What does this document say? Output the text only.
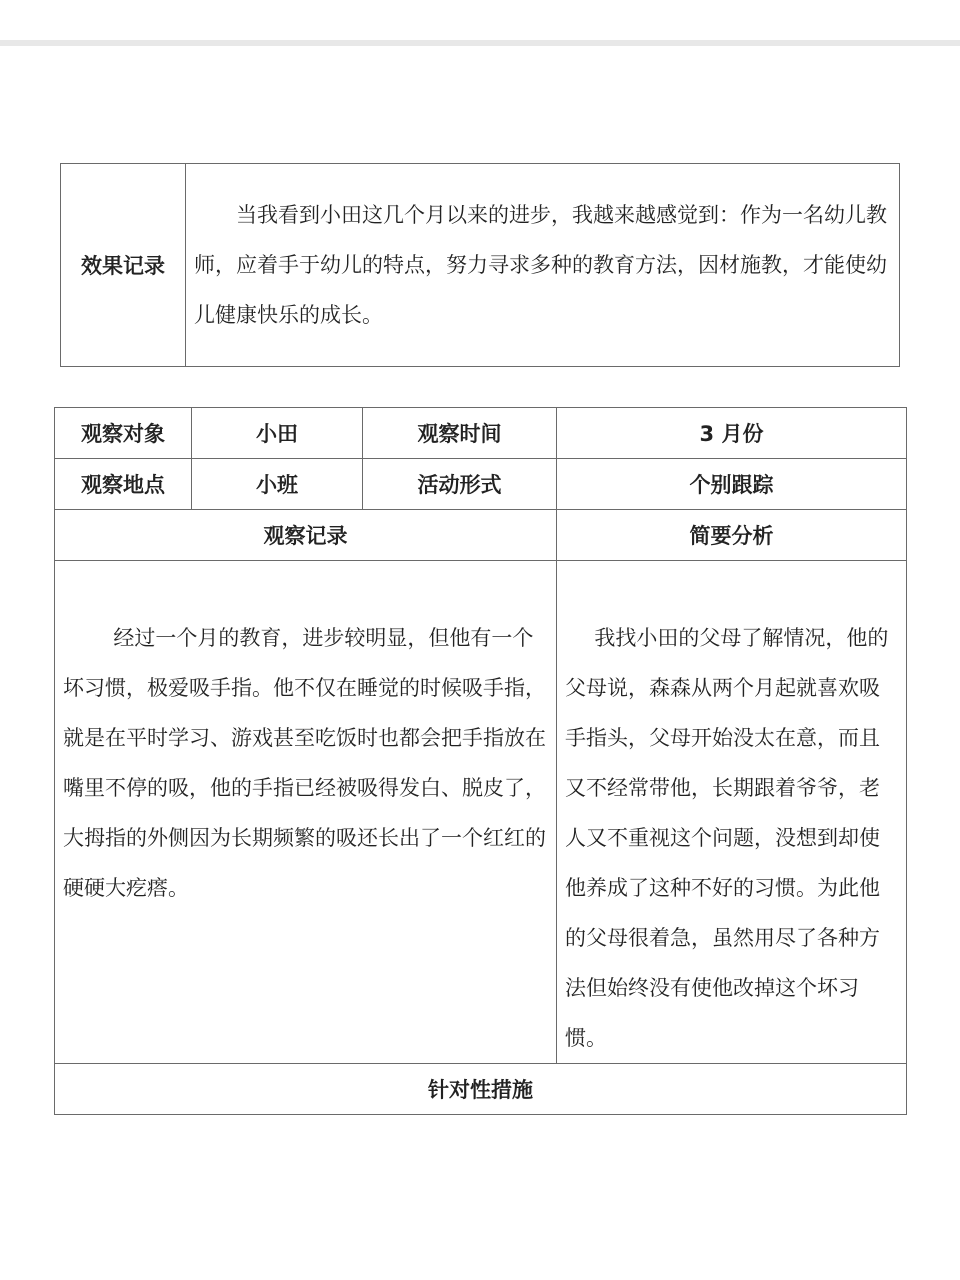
效果记录	当我看到小田这几个月以来的进步，我越来越感觉到：作为一名幼儿教师，应着手于幼儿的特点，努力寻求多种的教育方法，因材施教，才能使幼儿健康快乐的成长。
观察对象	小田	观察时间	3 月份
观察地点	小班	活动形式	个别跟踪
观察记录			简要分析

经过一个月的教育，进步较明显，但他有一个坏习惯，极爱吸手指。他不仅在睡觉的时候吸手指，就是在平时学习、游戏甚至吃饭时也都会把手指放在嘴里不停的吸，他的手指已经被吸得发白、脱皮了，大拇指的外侧因为长期频繁的吸还长出了一个红红的硬硬大疙瘩。			我找小田的父母了解情况，他的父母说，森森从两个月起就喜欢吸手指头，父母开始没太在意，而且又不经常带他，长期跟着爷爷，老人又不重视这个问题，没想到却使他养成了这种不好的习惯。为此他的父母很着急，虽然用尽了各种方法但始终没有使他改掉这个坏习惯。

针对性措施			
